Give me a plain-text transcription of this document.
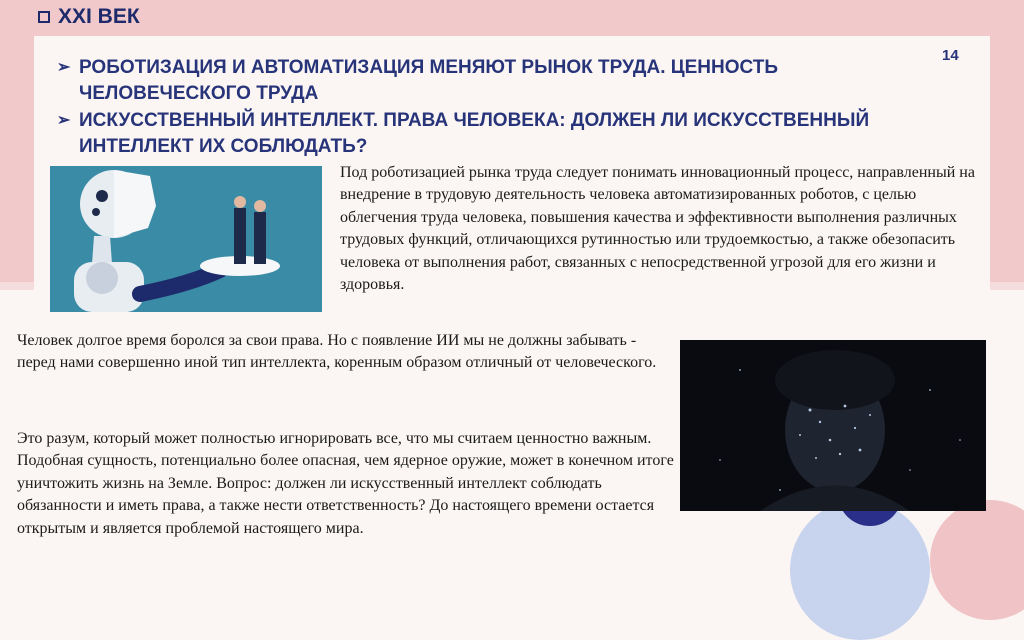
XXI ВЕК
14
➢ РОБОТИЗАЦИЯ И АВТОМАТИЗАЦИЯ МЕНЯЮТ РЫНОК ТРУДА. ЦЕННОСТЬ ЧЕЛОВЕЧЕСКОГО ТРУДА
➢ ИСКУССТВЕННЫЙ ИНТЕЛЛЕКТ. ПРАВА ЧЕЛОВЕКА: ДОЛЖЕН ЛИ ИСКУССТВЕННЫЙ ИНТЕЛЛЕКТ ИХ СОБЛЮДАТЬ?
Под роботизацией рынка труда следует понимать инновационный процесс, направленный на внедрение в трудовую деятельность человека автоматизированных роботов, с целью облегчения труда человека, повышения качества и эффективности выполнения различных трудовых функций, отличающихся рутинностью или трудоемкостью, а также обезопасить человека от выполнения работ, связанных с непосредственной угрозой для его жизни и здоровья.
Человек долгое время боролся за свои права. Но с появление ИИ мы не должны забывать - перед нами совершенно иной тип интеллекта, коренным образом отличный от человеческого.
Это разум, который может полностью игнорировать все, что мы считаем ценностно важным. Подобная сущность, потенциально более опасная, чем ядерное оружие, может в конечном итоге уничтожить жизнь на Земле. Вопрос: должен ли искусственный интеллект соблюдать обязанности и иметь права, а также нести ответственность? До настоящего времени остается открытым и является проблемой настоящего мира.
